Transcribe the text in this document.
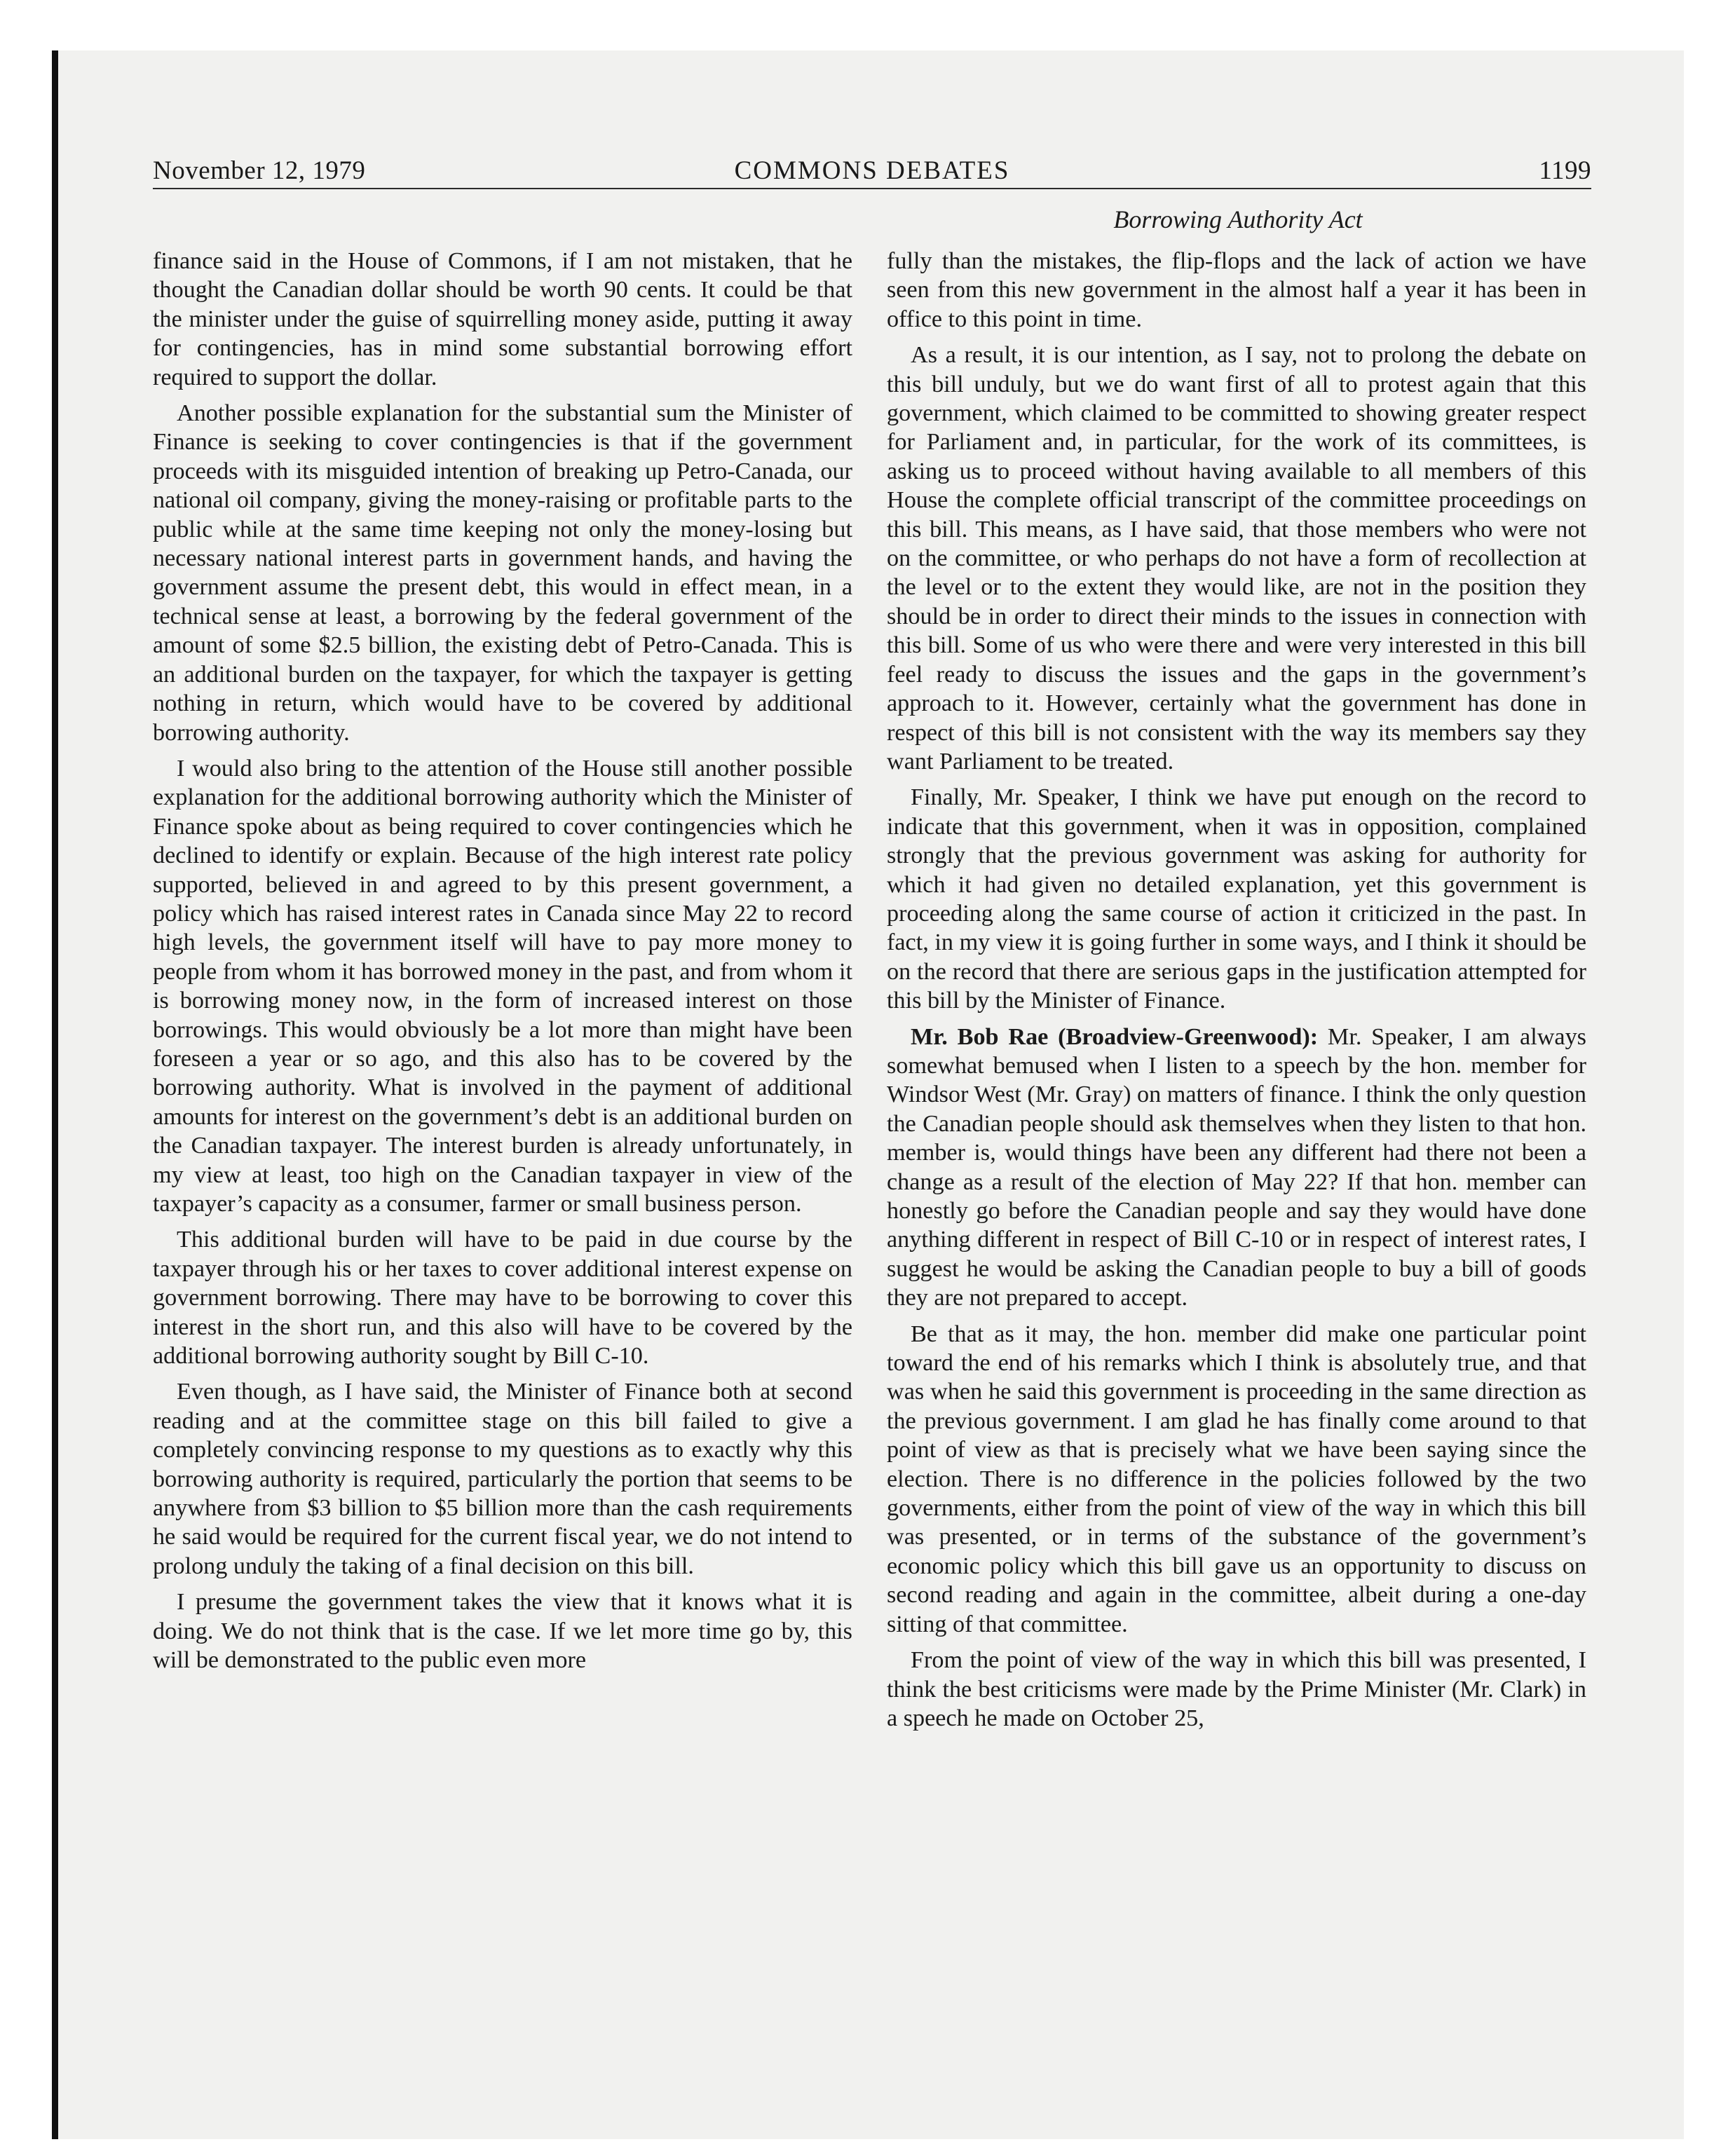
November 12, 1979	COMMONS DEBATES	1199
Borrowing Authority Act

finance said in the House of Commons, if I am not mistaken, that he thought the Canadian dollar should be worth 90 cents. It could be that the minister under the guise of squirrelling money aside, putting it away for contingencies, has in mind some substantial borrowing effort required to support the dollar.

Another possible explanation for the substantial sum the Minister of Finance is seeking to cover contingencies is that if the government proceeds with its misguided intention of breaking up Petro-Canada, our national oil company, giving the money-raising or profitable parts to the public while at the same time keeping not only the money-losing but necessary national interest parts in government hands, and having the government assume the present debt, this would in effect mean, in a technical sense at least, a borrowing by the federal government of the amount of some $2.5 billion, the existing debt of Petro-Canada. This is an additional burden on the taxpayer, for which the taxpayer is getting nothing in return, which would have to be covered by additional borrowing authority.

I would also bring to the attention of the House still another possible explanation for the additional borrowing authority which the Minister of Finance spoke about as being required to cover contingencies which he declined to identify or explain. Because of the high interest rate policy supported, believed in and agreed to by this present government, a policy which has raised interest rates in Canada since May 22 to record high levels, the government itself will have to pay more money to people from whom it has borrowed money in the past, and from whom it is borrowing money now, in the form of increased interest on those borrowings. This would obviously be a lot more than might have been foreseen a year or so ago, and this also has to be covered by the borrowing authority. What is involved in the payment of additional amounts for interest on the government’s debt is an additional burden on the Canadian taxpayer. The interest burden is already unfortunately, in my view at least, too high on the Canadian taxpayer in view of the taxpayer’s capacity as a consumer, farmer or small business person.

This additional burden will have to be paid in due course by the taxpayer through his or her taxes to cover additional interest expense on government borrowing. There may have to be borrowing to cover this interest in the short run, and this also will have to be covered by the additional borrowing authority sought by Bill C-10.

Even though, as I have said, the Minister of Finance both at second reading and at the committee stage on this bill failed to give a completely convincing response to my questions as to exactly why this borrowing authority is required, particularly the portion that seems to be anywhere from $3 billion to $5 billion more than the cash requirements he said would be required for the current fiscal year, we do not intend to prolong unduly the taking of a final decision on this bill.

I presume the government takes the view that it knows what it is doing. We do not think that is the case. If we let more time go by, this will be demonstrated to the public even more

fully than the mistakes, the flip-flops and the lack of action we have seen from this new government in the almost half a year it has been in office to this point in time.

As a result, it is our intention, as I say, not to prolong the debate on this bill unduly, but we do want first of all to protest again that this government, which claimed to be committed to showing greater respect for Parliament and, in particular, for the work of its committees, is asking us to proceed without having available to all members of this House the complete official transcript of the committee proceedings on this bill. This means, as I have said, that those members who were not on the committee, or who perhaps do not have a form of recollection at the level or to the extent they would like, are not in the position they should be in order to direct their minds to the issues in connection with this bill. Some of us who were there and were very interested in this bill feel ready to discuss the issues and the gaps in the government’s approach to it. However, certainly what the government has done in respect of this bill is not consistent with the way its members say they want Parliament to be treated.

Finally, Mr. Speaker, I think we have put enough on the record to indicate that this government, when it was in opposition, complained strongly that the previous government was asking for authority for which it had given no detailed explanation, yet this government is proceeding along the same course of action it criticized in the past. In fact, in my view it is going further in some ways, and I think it should be on the record that there are serious gaps in the justification attempted for this bill by the Minister of Finance.

Mr. Bob Rae (Broadview-Greenwood): Mr. Speaker, I am always somewhat bemused when I listen to a speech by the hon. member for Windsor West (Mr. Gray) on matters of finance. I think the only question the Canadian people should ask themselves when they listen to that hon. member is, would things have been any different had there not been a change as a result of the election of May 22? If that hon. member can honestly go before the Canadian people and say they would have done anything different in respect of Bill C-10 or in respect of interest rates, I suggest he would be asking the Canadian people to buy a bill of goods they are not prepared to accept.

Be that as it may, the hon. member did make one particular point toward the end of his remarks which I think is absolutely true, and that was when he said this government is proceeding in the same direction as the previous government. I am glad he has finally come around to that point of view as that is precisely what we have been saying since the election. There is no difference in the policies followed by the two governments, either from the point of view of the way in which this bill was presented, or in terms of the substance of the government’s economic policy which this bill gave us an opportunity to discuss on second reading and again in the committee, albeit during a one-day sitting of that committee.

From the point of view of the way in which this bill was presented, I think the best criticisms were made by the Prime Minister (Mr. Clark) in a speech he made on October 25,
